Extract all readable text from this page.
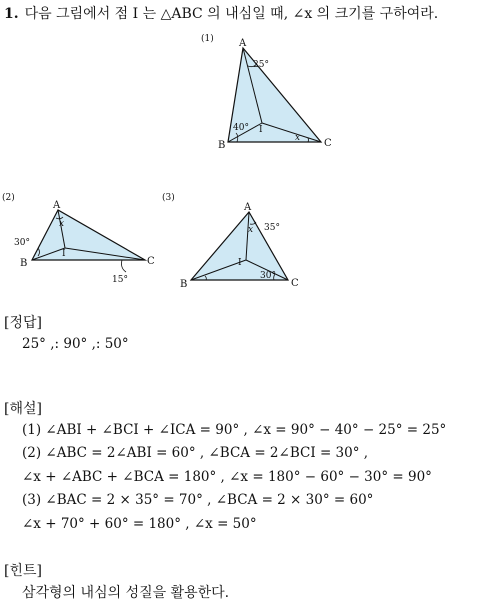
1. 다음 그림에서 점 I 는 △ABC 의 내심일 때, ∠x 의 크기를 구하여라.
(1)	A
B	C
I
25°
40°
x
(2)
A
B	C
I
x
30°
15°
(3)
A
B	C
I
35°
x
30°
[정답]
25° ,: 90° ,: 50°
[해설]
(1) ∠ABI + ∠BCI + ∠ICA = 90° , ∠x = 90° − 40° − 25° = 25°
(2) ∠ABC = 2∠ABI = 60° , ∠BCA = 2∠BCI = 30° ,
∠x + ∠ABC + ∠BCA = 180° , ∠x = 180° − 60° − 30° = 90°
(3) ∠BAC = 2 × 35° = 70° , ∠BCA = 2 × 30° = 60°
∠x + 70° + 60° = 180° , ∠x = 50°
[힌트]
삼각형의 내심의 성질을 활용한다.
